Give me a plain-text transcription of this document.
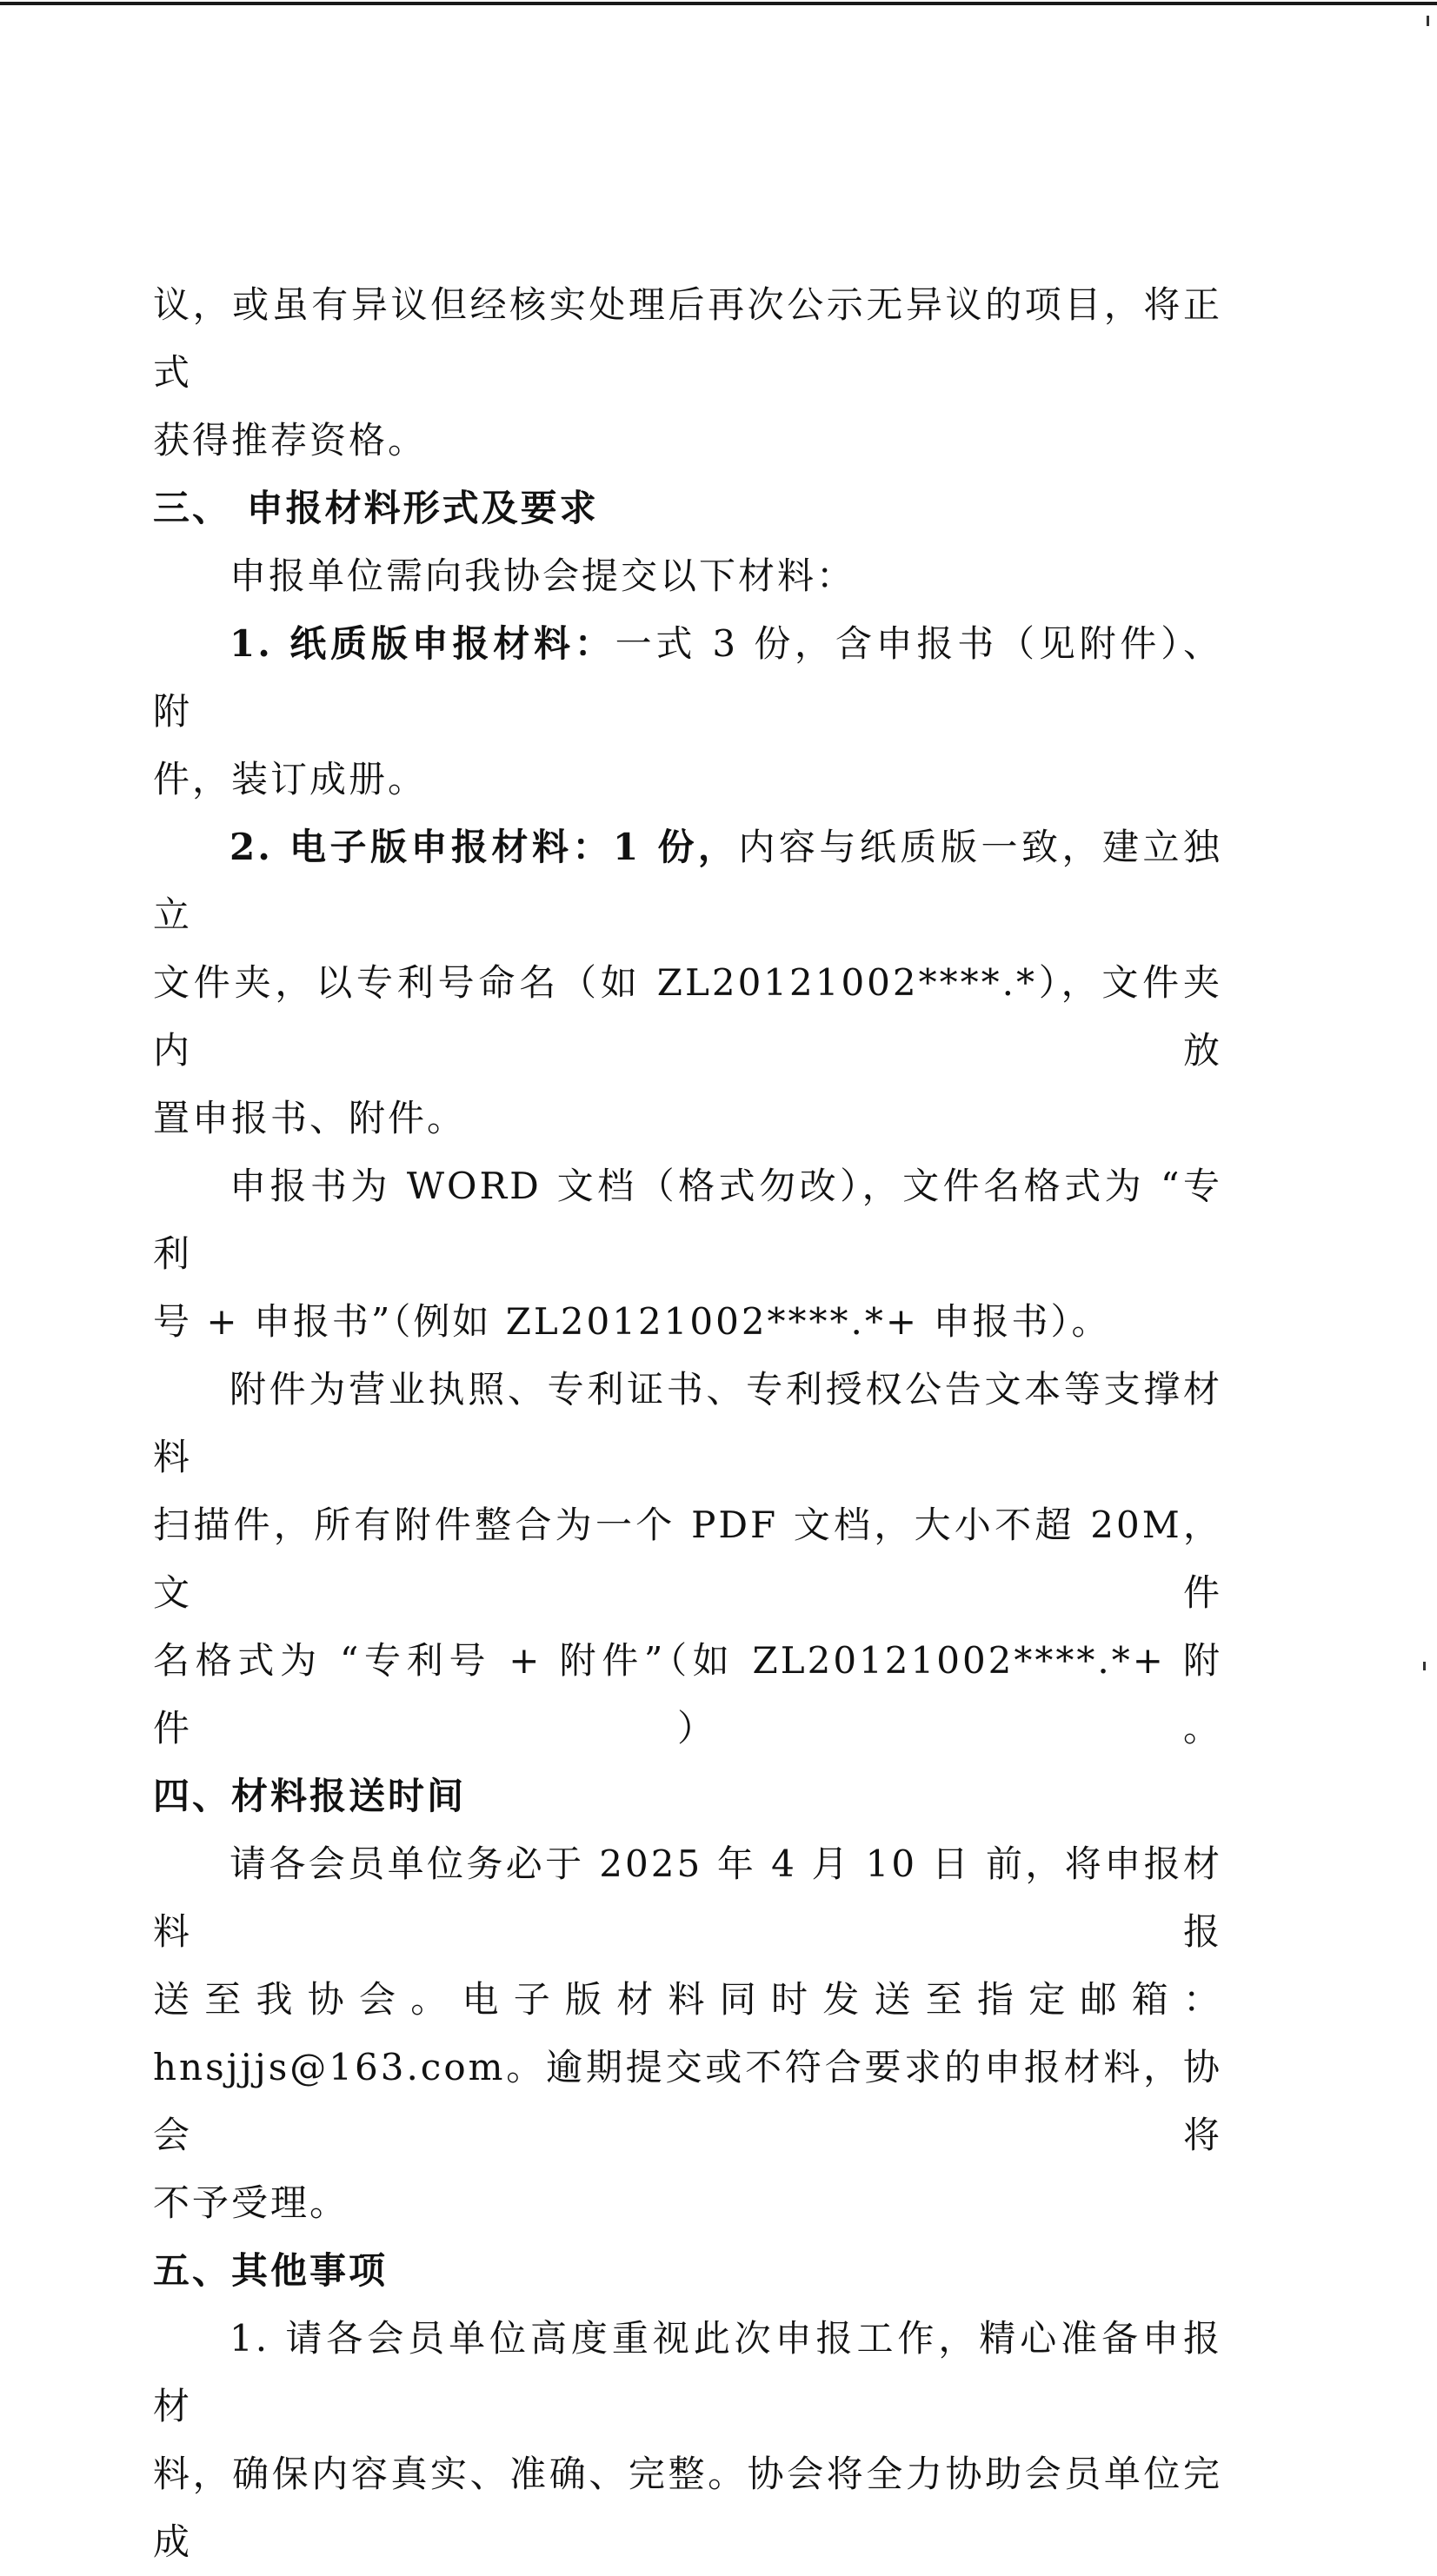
议，或虽有异议但经核实处理后再次公示无异议的项目，将正式

获得推荐资格。

三、 申报材料形式及要求

申报单位需向我协会提交以下材料：

1. 纸质版申报材料：一式 3 份，含申报书（见附件）、附

件，装订成册。

2. 电子版申报材料：1 份，内容与纸质版一致，建立独立

文件夹，以专利号命名（如 ZL20121002****.*），文件夹内放

置申报书、附件。

申报书为 WORD 文档（格式勿改），文件名格式为 “专利

号 + 申报书”（例如 ZL20121002****.*+ 申报书）。

附件为营业执照、专利证书、专利授权公告文本等支撑材料

扫描件，所有附件整合为一个 PDF 文档，大小不超 20M，文件

名格式为 “专利号 + 附件”（如 ZL20121002****.*+ 附件）。

四、材料报送时间

请各会员单位务必于 2025 年 4 月 10 日 前，将申报材料报

送至我协会。电子版材料同时发送至指定邮箱：

hnsjjjs@163.com。逾期提交或不符合要求的申报材料，协会将

不予受理。

五、其他事项

1. 请各会员单位高度重视此次申报工作，精心准备申报材

料，确保内容真实、准确、完整。协会将全力协助会员单位完成
